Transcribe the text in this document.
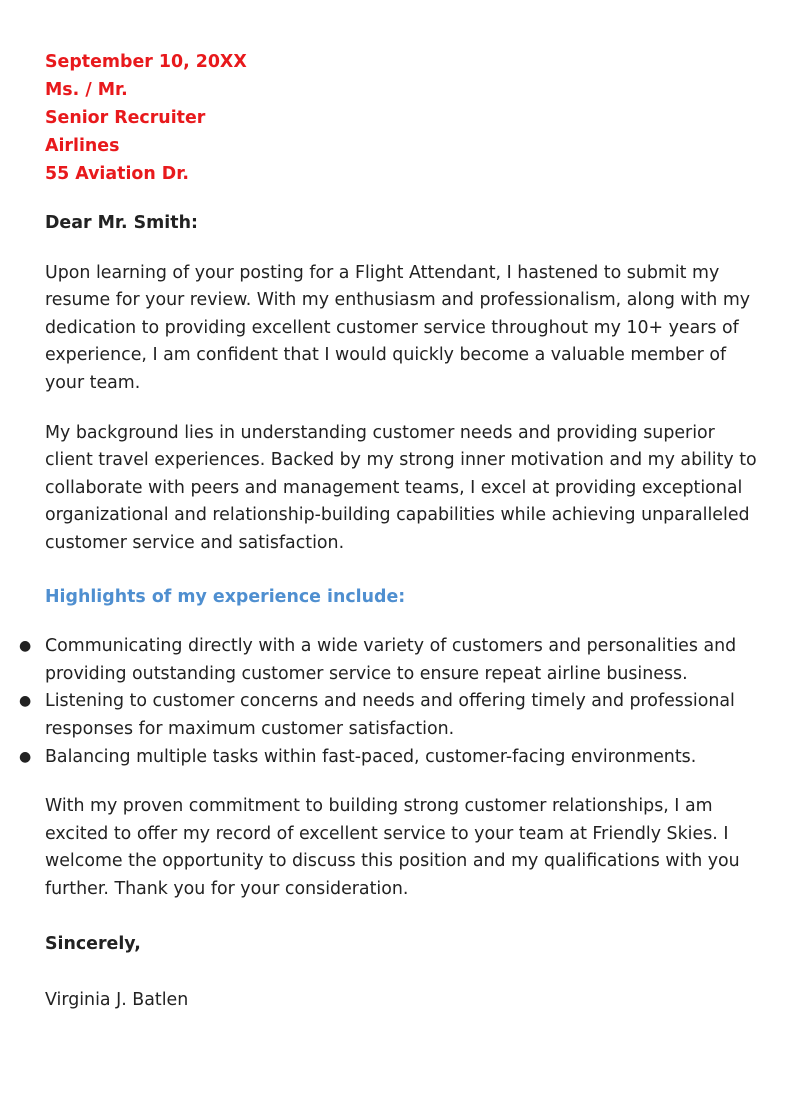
September 10, 20XX
Ms. / Mr.
Senior Recruiter
Airlines
55 Aviation Dr.
Dear Mr. Smith:

Upon learning of your posting for a Flight Attendant, I hastened to submit my resume for your review. With my enthusiasm and professionalism, along with my dedication to providing excellent customer service throughout my 10+ years of experience, I am confident that I would quickly become a valuable member of your team.

My background lies in understanding customer needs and providing superior client travel experiences. Backed by my strong inner motivation and my ability to collaborate with peers and management teams, I excel at providing exceptional organizational and relationship-building capabilities while achieving unparalleled customer service and satisfaction.

Highlights of my experience include:
● Communicating directly with a wide variety of customers and personalities and providing outstanding customer service to ensure repeat airline business.
● Listening to customer concerns and needs and offering timely and professional responses for maximum customer satisfaction.
● Balancing multiple tasks within fast-paced, customer-facing environments.

With my proven commitment to building strong customer relationships, I am excited to offer my record of excellent service to your team at Friendly Skies. I welcome the opportunity to discuss this position and my qualifications with you further. Thank you for your consideration.

Sincerely,
Virginia J. Batlen
